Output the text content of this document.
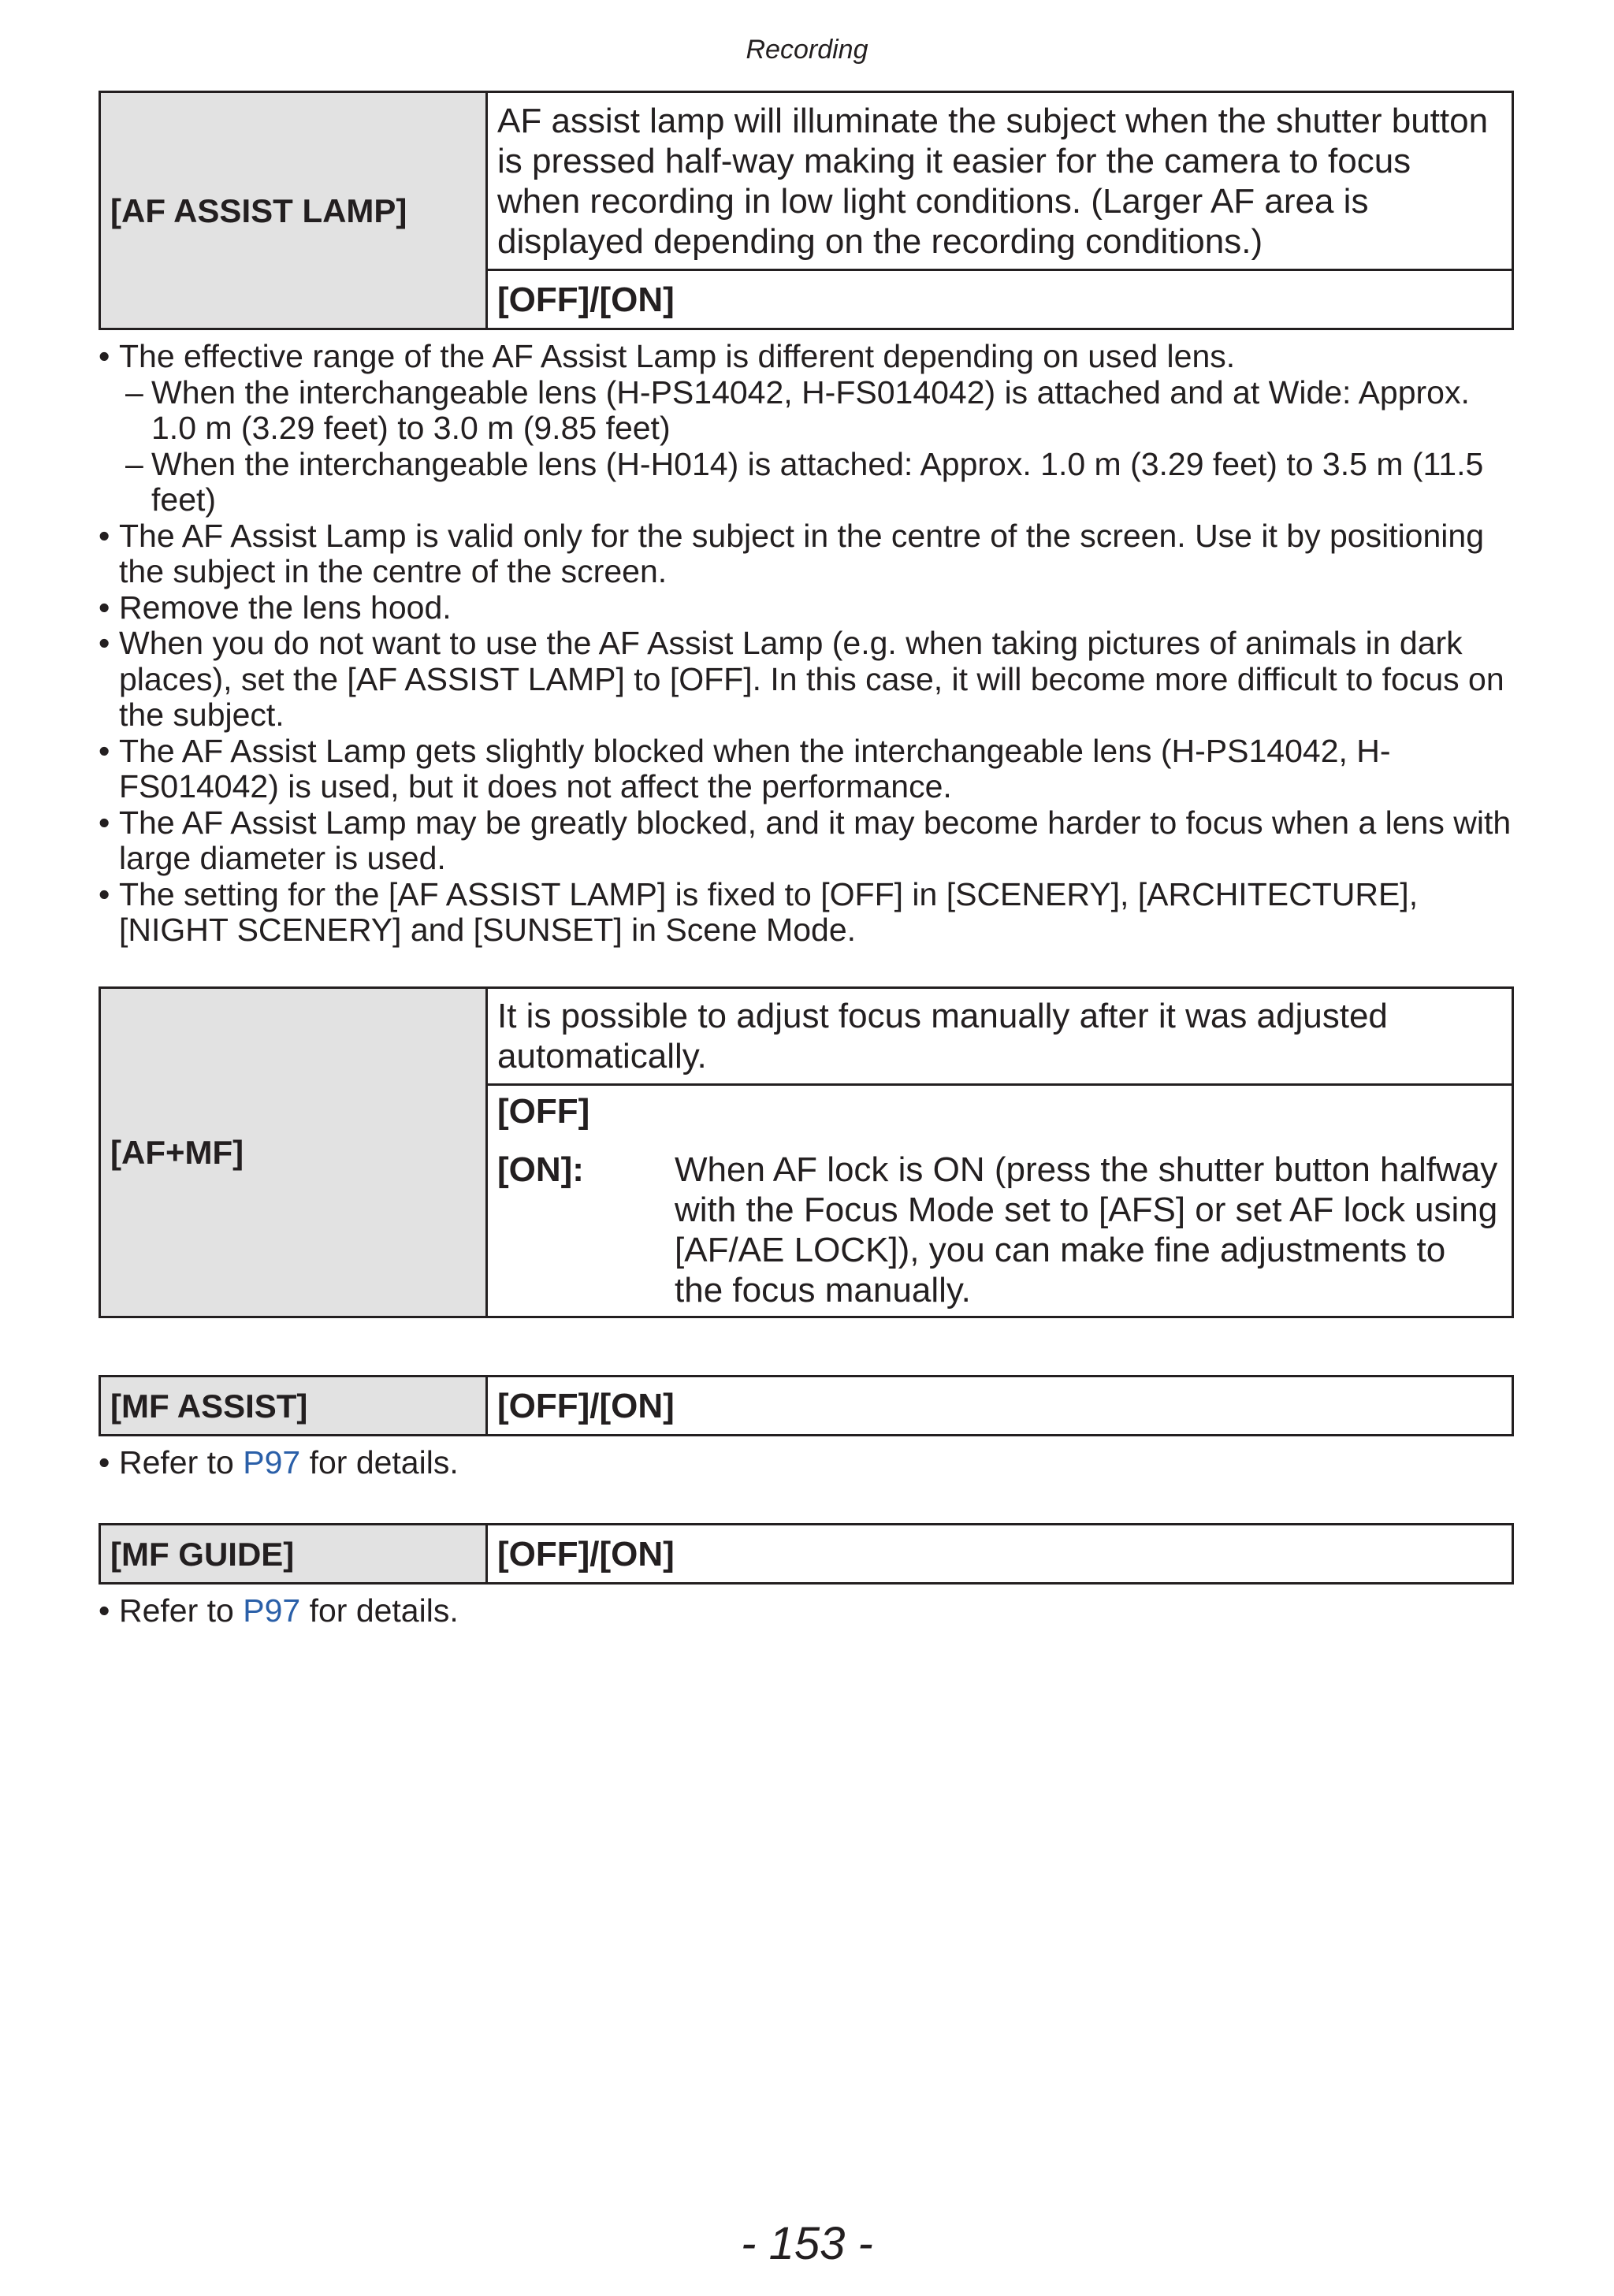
Recording
[AF ASSIST LAMP]	AF assist lamp will illuminate the subject when the shutter button is pressed half-way making it easier for the camera to focus when recording in low light conditions. (Larger AF area is displayed depending on the recording conditions.)
[OFF]/[ON]
• The effective range of the AF Assist Lamp is different depending on used lens.
– When the interchangeable lens (H-PS14042, H-FS014042) is attached and at Wide: Approx. 1.0 m (3.29 feet) to 3.0 m (9.85 feet)
– When the interchangeable lens (H-H014) is attached: Approx. 1.0 m (3.29 feet) to 3.5 m (11.5 feet)
• The AF Assist Lamp is valid only for the subject in the centre of the screen. Use it by positioning the subject in the centre of the screen.
• Remove the lens hood.
• When you do not want to use the AF Assist Lamp (e.g. when taking pictures of animals in dark places), set the [AF ASSIST LAMP] to [OFF]. In this case, it will become more difficult to focus on the subject.
• The AF Assist Lamp gets slightly blocked when the interchangeable lens (H-PS14042, H-FS014042) is used, but it does not affect the performance.
• The AF Assist Lamp may be greatly blocked, and it may become harder to focus when a lens with large diameter is used.
• The setting for the [AF ASSIST LAMP] is fixed to [OFF] in [SCENERY], [ARCHITECTURE], [NIGHT SCENERY] and [SUNSET] in Scene Mode.
[AF+MF]	It is possible to adjust focus manually after it was adjusted automatically.

[OFF]
[ON]:	When AF lock is ON (press the shutter button halfway with the Focus Mode set to [AFS] or set AF lock using [AF/AE LOCK]), you can make fine adjustments to the focus manually.
[MF ASSIST]	[OFF]/[ON]
• Refer to P97 for details.
[MF GUIDE]	[OFF]/[ON]
• Refer to P97 for details.
- 153 -
